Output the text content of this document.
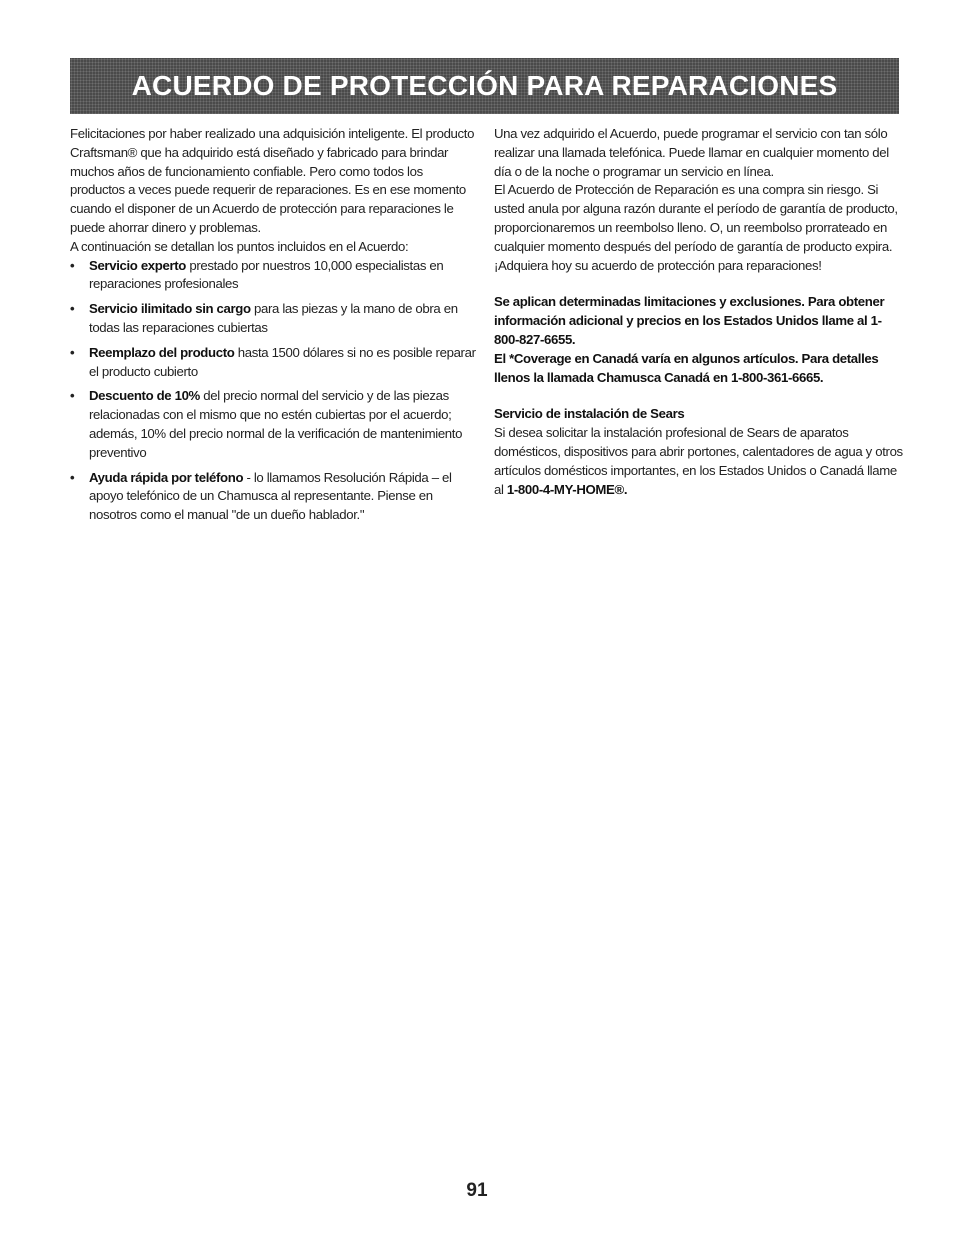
ACUERDO DE PROTECCIÓN PARA REPARACIONES

Felicitaciones por haber realizado una adquisición inteligente. El producto Craftsman® que ha adquirido está diseñado y fabricado para brindar muchos años de funcionamiento confiable. Pero como todos los productos a veces puede requerir de reparaciones. Es en ese momento cuando el disponer de un Acuerdo de protección para reparaciones le puede ahorrar dinero y problemas.

A continuación se detallan los puntos incluidos en el Acuerdo:

• Servicio experto prestado por nuestros 10,000 especialistas en reparaciones profesionales
• Servicio ilimitado sin cargo para las piezas y la mano de obra en todas las reparaciones cubiertas
• Reemplazo del producto hasta 1500 dólares si no es posible reparar el producto cubierto
• Descuento de 10% del precio normal del servicio y de las piezas relacionadas con el mismo que no estén cubiertas por el acuerdo; además, 10% del precio normal de la verificación de mantenimiento preventivo
• Ayuda rápida por teléfono - lo llamamos Resolución Rápida – el apoyo telefónico de un Chamusca al representante. Piense en nosotros como el manual "de un dueño hablador."

Una vez adquirido el Acuerdo, puede programar el servicio con tan sólo realizar una llamada telefónica. Puede llamar en cualquier momento del día o de la noche o programar un servicio en línea.

El Acuerdo de Protección de Reparación es una compra sin riesgo. Si usted anula por alguna razón durante el período de garantía de producto, proporcionaremos un reembolso lleno. O, un reembolso prorrateado en cualquier momento después del período de garantía de producto expira. ¡Adquiera hoy su acuerdo de protección para reparaciones!

Se aplican determinadas limitaciones y exclusiones. Para obtener información adicional y precios en los Estados Unidos llame al 1-800-827-6655.

El *Coverage en Canadá varía en algunos artículos. Para detalles llenos la llamada Chamusca Canadá en 1-800-361-6665.

Servicio de instalación de Sears

Si desea solicitar la instalación profesional de Sears de aparatos domésticos, dispositivos para abrir portones, calentadores de agua y otros artículos domésticos importantes, en los Estados Unidos o Canadá llame al 1-800-4-MY-HOME®.

91
